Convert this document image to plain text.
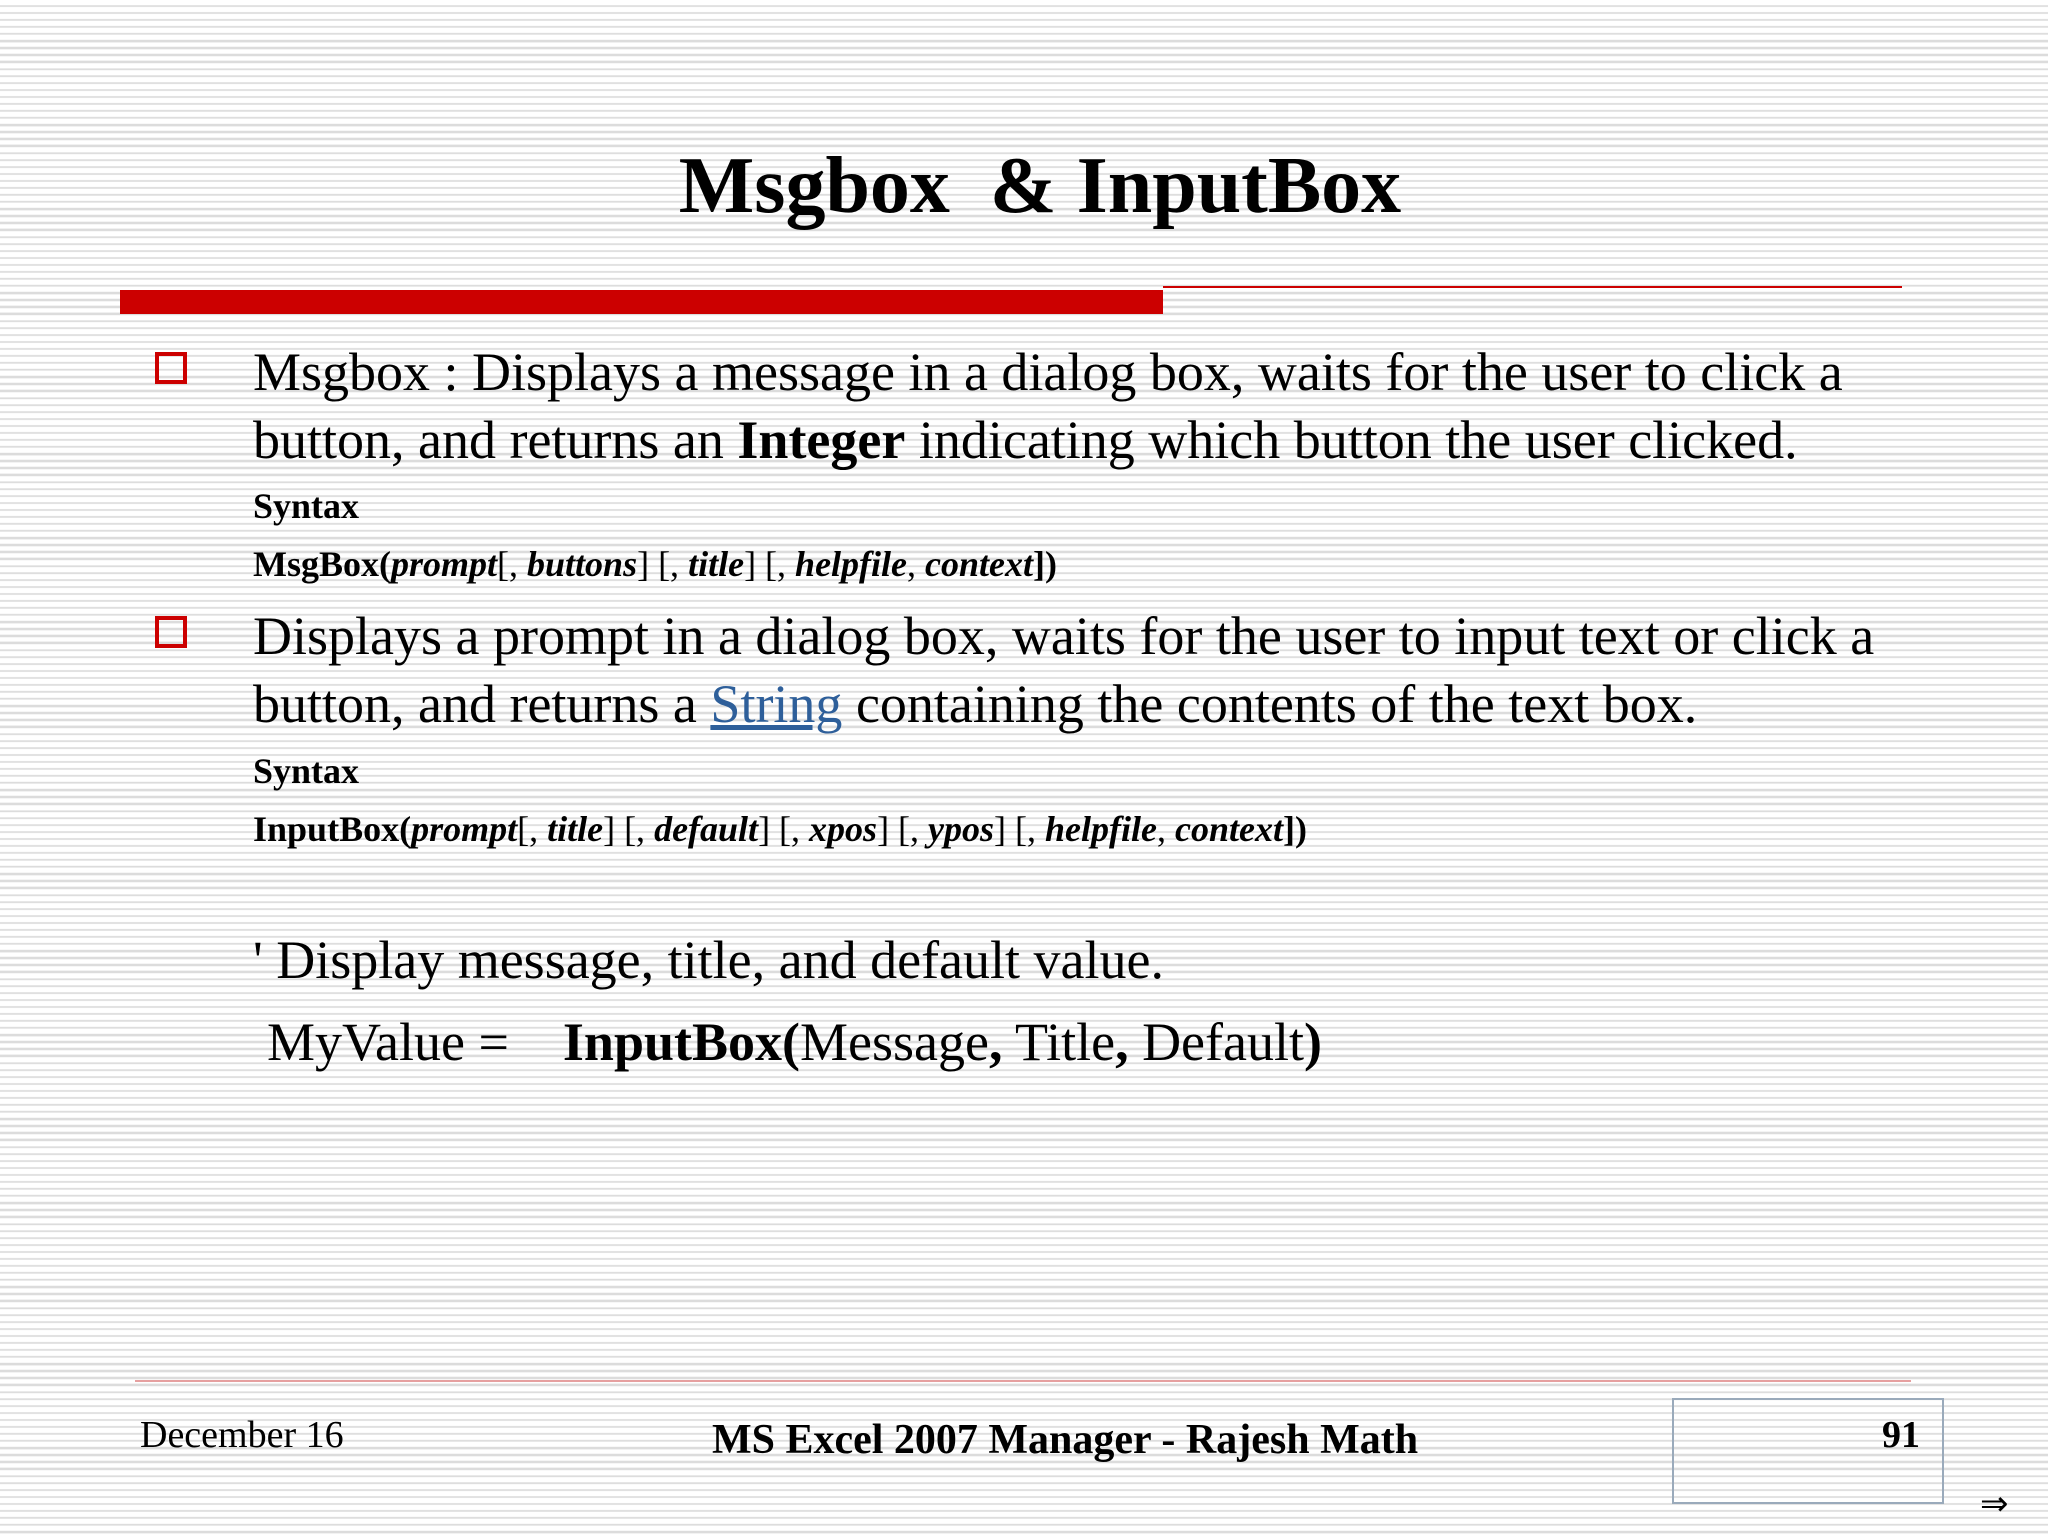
Msgbox  & InputBox
Msgbox : Displays a message in a dialog box, waits for the user to click a button, and returns an Integer indicating which button the user clicked.
Syntax
MsgBox(prompt[, buttons] [, title] [, helpfile, context])
Displays a prompt in a dialog box, waits for the user to input text or click a button, and returns a String containing the contents of the text box.
Syntax
InputBox(prompt[, title] [, default] [, xpos] [, ypos] [, helpfile, context])
' Display message, title, and default value.
MyValue =    InputBox(Message, Title, Default)
December 16	MS Excel 2007 Manager - Rajesh Math	91
⇒
